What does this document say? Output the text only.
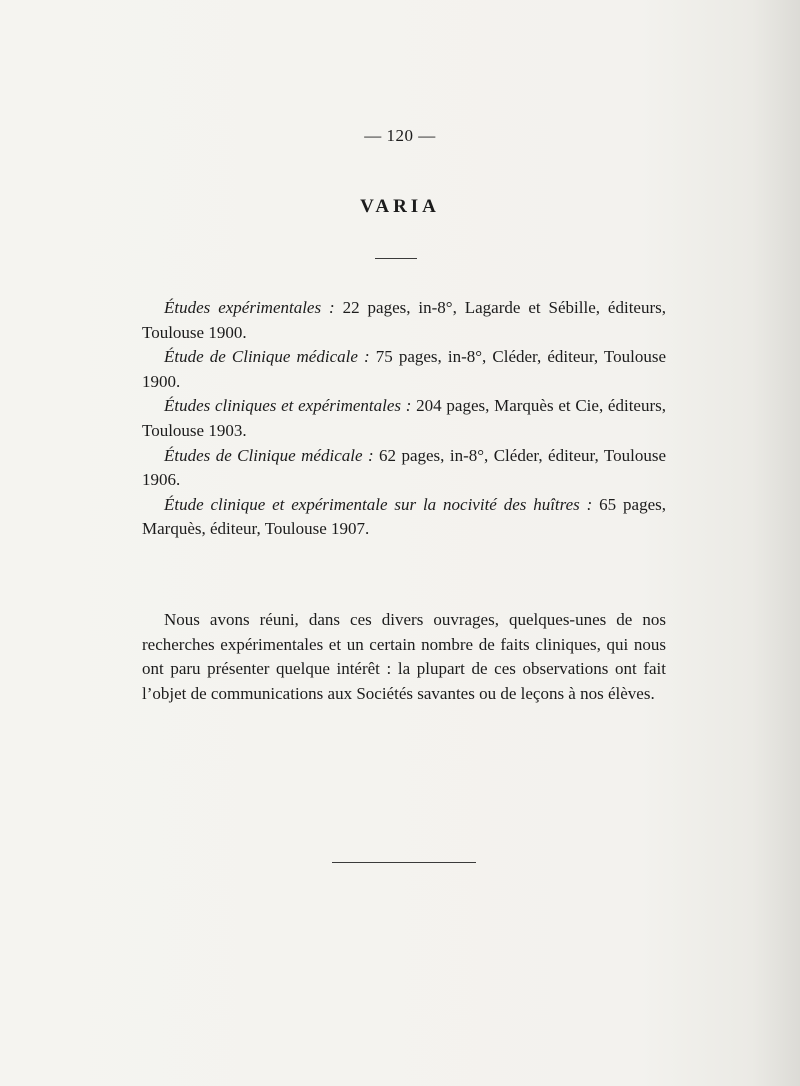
— 120 —
VARIA

Études expérimentales : 22 pages, in-8°, Lagarde et Sébille, éditeurs, Toulouse 1900.

Étude de Clinique médicale : 75 pages, in-8°, Cléder, éditeur, Toulouse 1900.

Études cliniques et expérimentales : 204 pages, Marquès et Cie, éditeurs, Toulouse 1903.

Études de Clinique médicale : 62 pages, in-8°, Cléder, éditeur, Toulouse 1906.

Étude clinique et expérimentale sur la nocivité des huîtres : 65 pages, Marquès, éditeur, Toulouse 1907.

Nous avons réuni, dans ces divers ouvrages, quelques-unes de nos recherches expérimentales et un certain nombre de faits cliniques, qui nous ont paru présenter quelque intérêt : la plupart de ces observations ont fait l’objet de communications aux Sociétés savantes ou de leçons à nos élèves.
